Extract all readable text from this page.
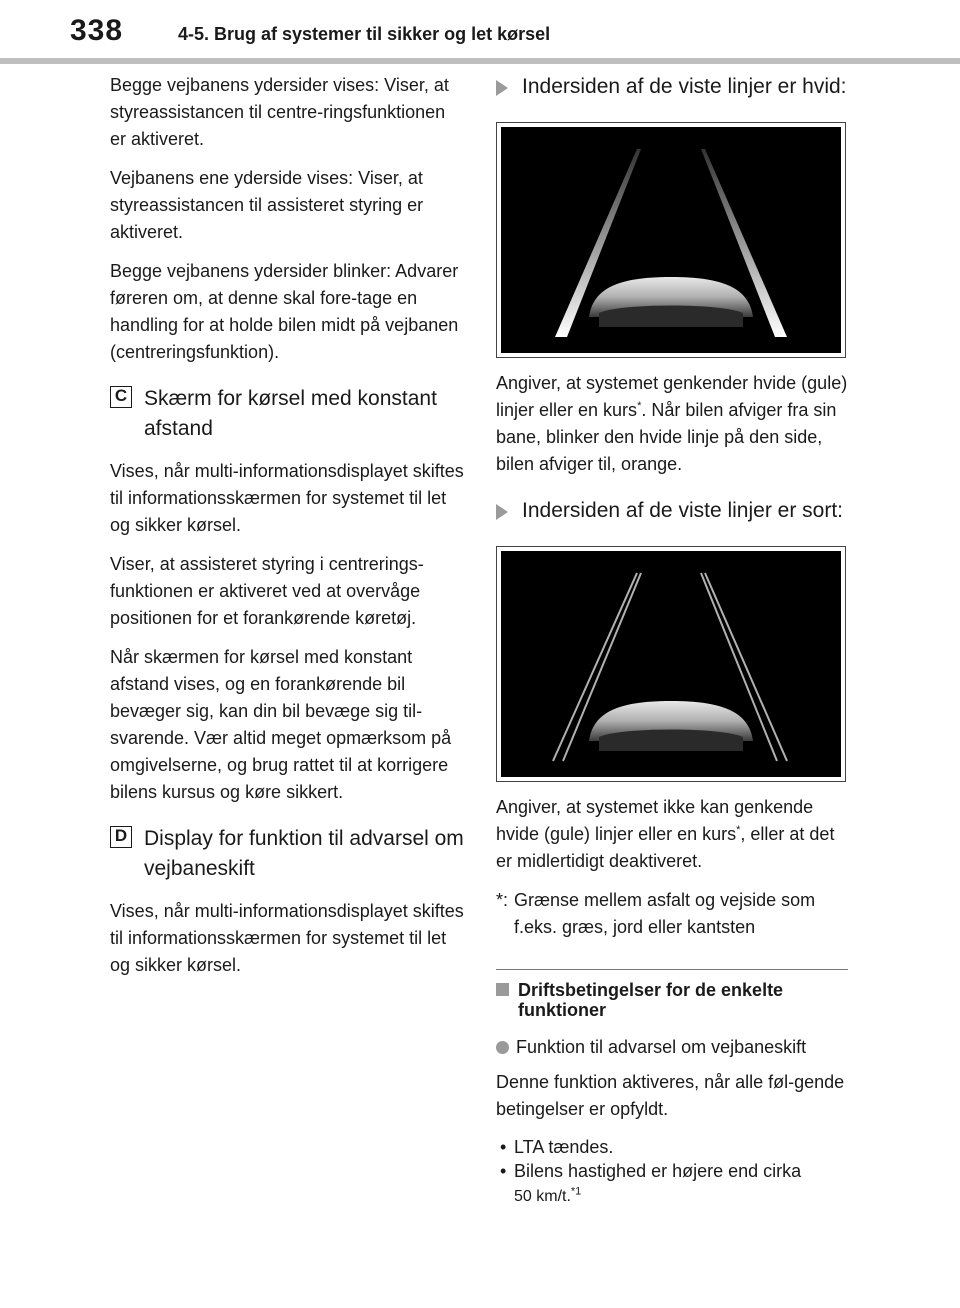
338	4-5. Brug af systemer til sikker og let kørsel

Begge vejbanens ydersider vises: Viser, at styreassistancen til centre-ringsfunktionen er aktiveret.

Vejbanens ene yderside vises: Viser, at styreassistancen til assisteret styring er aktiveret.

Begge vejbanens ydersider blinker: Advarer føreren om, at denne skal fore-tage en handling for at holde bilen midt på vejbanen (centreringsfunktion).

C Skærm for kørsel med konstant afstand

Vises, når multi-informationsdisplayet skiftes til informationsskærmen for systemet til let og sikker kørsel.

Viser, at assisteret styring i centrerings-funktionen er aktiveret ved at overvåge positionen for et forankørende køretøj.

Når skærmen for kørsel med konstant afstand vises, og en forankørende bil bevæger sig, kan din bil bevæge sig til-svarende. Vær altid meget opmærksom på omgivelserne, og brug rattet til at korrigere bilens kursus og køre sikkert.

D Display for funktion til advarsel om vejbaneskift

Vises, når multi-informationsdisplayet skiftes til informationsskærmen for systemet til let og sikker kørsel.

Indersiden af de viste linjer er hvid:

Angiver, at systemet genkender hvide (gule) linjer eller en kurs*. Når bilen afviger fra sin bane, blinker den hvide linje på den side, bilen afviger til, orange.

Indersiden af de viste linjer er sort:

Angiver, at systemet ikke kan genkende hvide (gule) linjer eller en kurs*, eller at det er midlertidigt deaktiveret.

*: Grænse mellem asfalt og vejside som f.eks. græs, jord eller kantsten
Driftsbetingelser for de enkelte funktioner
Funktion til advarsel om vejbaneskift

Denne funktion aktiveres, når alle føl-gende betingelser er opfyldt.

• LTA tændes.
• Bilens hastighed er højere end cirka
50 km/t.$^{*1}$
